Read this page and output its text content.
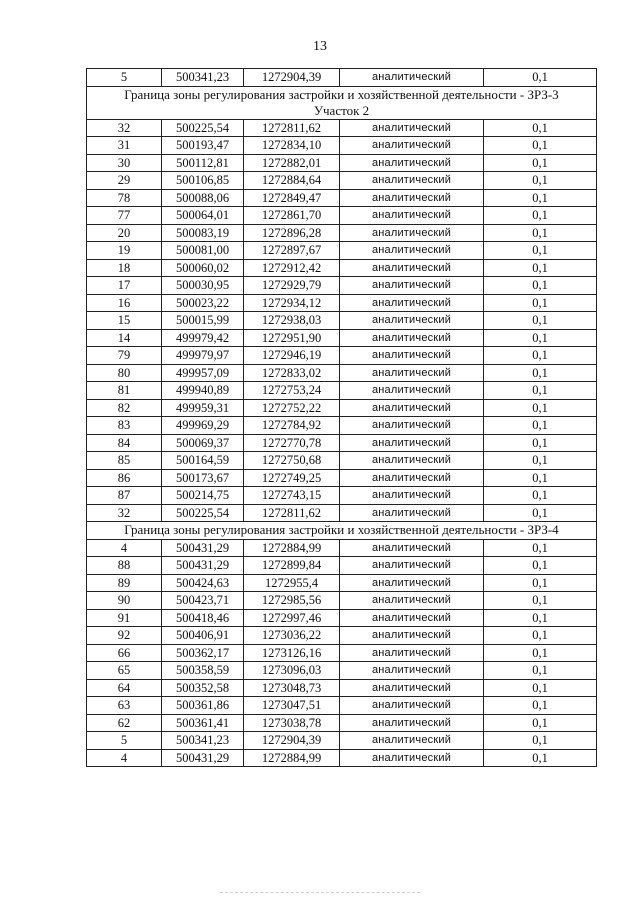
13
5	500341,23	1272904,39	аналитический	0,1

Граница зоны регулирования застройки и хозяйственной деятельности - ЗРЗ-3
Участок 2				

32	500225,54	1272811,62	аналитический	0,1
31	500193,47	1272834,10	аналитический	0,1
30	500112,81	1272882,01	аналитический	0,1
29	500106,85	1272884,64	аналитический	0,1
78	500088,06	1272849,47	аналитический	0,1
77	500064,01	1272861,70	аналитический	0,1
20	500083,19	1272896,28	аналитический	0,1
19	500081,00	1272897,67	аналитический	0,1
18	500060,02	1272912,42	аналитический	0,1
17	500030,95	1272929,79	аналитический	0,1
16	500023,22	1272934,12	аналитический	0,1
15	500015,99	1272938,03	аналитический	0,1
14	499979,42	1272951,90	аналитический	0,1
79	499979,97	1272946,19	аналитический	0,1
80	499957,09	1272833,02	аналитический	0,1
81	499940,89	1272753,24	аналитический	0,1
82	499959,31	1272752,22	аналитический	0,1
83	499969,29	1272784,92	аналитический	0,1
84	500069,37	1272770,78	аналитический	0,1
85	500164,59	1272750,68	аналитический	0,1
86	500173,67	1272749,25	аналитический	0,1
87	500214,75	1272743,15	аналитический	0,1
32	500225,54	1272811,62	аналитический	0,1

Граница зоны регулирования застройки и хозяйственной деятельности - ЗРЗ-4				

4	500431,29	1272884,99	аналитический	0,1
88	500431,29	1272899,84	аналитический	0,1
89	500424,63	1272955,4	аналитический	0,1
90	500423,71	1272985,56	аналитический	0,1
91	500418,46	1272997,46	аналитический	0,1
92	500406,91	1273036,22	аналитический	0,1
66	500362,17	1273126,16	аналитический	0,1
65	500358,59	1273096,03	аналитический	0,1
64	500352,58	1273048,73	аналитический	0,1
63	500361,86	1273047,51	аналитический	0,1
62	500361,41	1273038,78	аналитический	0,1
5	500341,23	1272904,39	аналитический	0,1
4	500431,29	1272884,99	аналитический	0,1
